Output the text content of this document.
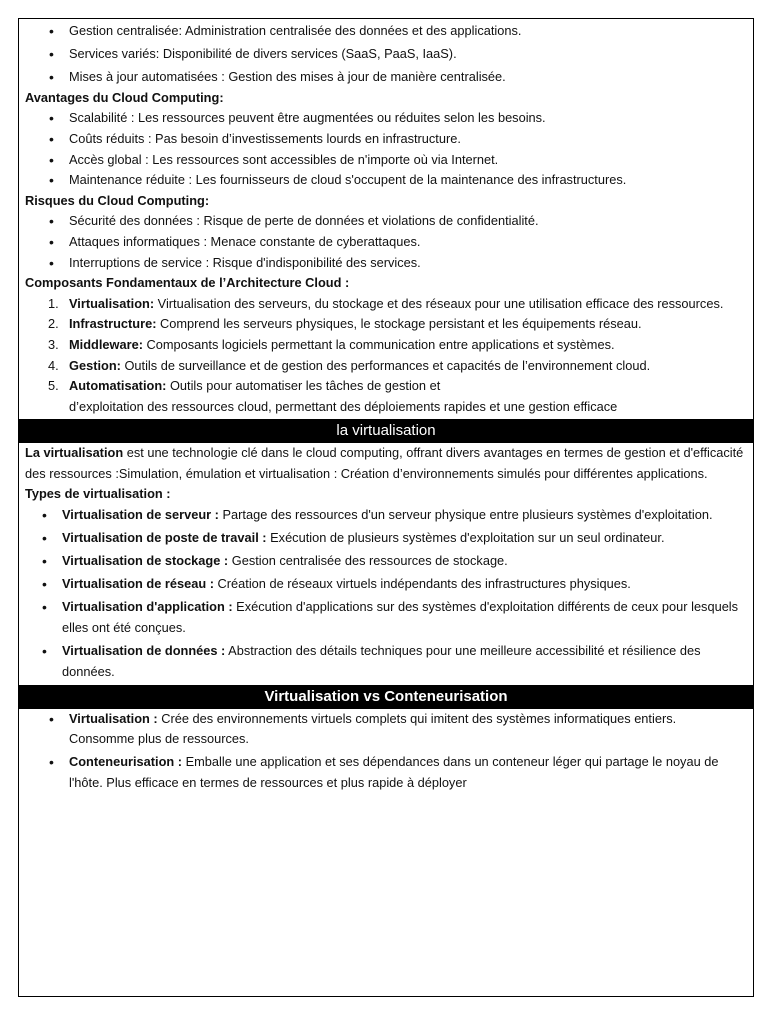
• Gestion centralisée: Administration centralisée des données et des applications.
• Services variés: Disponibilité de divers services (SaaS, PaaS, IaaS).
• Mises à jour automatisées : Gestion des mises à jour de manière centralisée.
Avantages du Cloud Computing:
• Scalabilité : Les ressources peuvent être augmentées ou réduites selon les besoins.
• Coûts réduits : Pas besoin d’investissements lourds en infrastructure.
• Accès global : Les ressources sont accessibles de n'importe où via Internet.
• Maintenance réduite : Les fournisseurs de cloud s'occupent de la maintenance des infrastructures.
Risques du Cloud Computing:
• Sécurité des données : Risque de perte de données et violations de confidentialité.
• Attaques informatiques : Menace constante de cyberattaques.
• Interruptions de service : Risque d'indisponibilité des services.
Composants Fondamentaux de l’Architecture Cloud :
1. Virtualisation: Virtualisation des serveurs, du stockage et des réseaux pour une utilisation efficace des ressources.
2. Infrastructure: Comprend les serveurs physiques, le stockage persistant et les équipements réseau.
3. Middleware: Composants logiciels permettant la communication entre applications et systèmes.
4. Gestion: Outils de surveillance et de gestion des performances et capacités de l’environnement cloud.
5. Automatisation: Outils pour automatiser les tâches de gestion et
d’exploitation des ressources cloud, permettant des déploiements rapides et une gestion efficace
la virtualisation

La virtualisation est une technologie clé dans le cloud computing, offrant divers avantages en termes de gestion et d'efficacité des ressources :Simulation, émulation et virtualisation : Création d’environnements simulés pour différentes applications.

Types de virtualisation :
• Virtualisation de serveur : Partage des ressources d'un serveur physique entre plusieurs systèmes d'exploitation.
• Virtualisation de poste de travail : Exécution de plusieurs systèmes d'exploitation sur un seul ordinateur.
• Virtualisation de stockage : Gestion centralisée des ressources de stockage.
• Virtualisation de réseau : Création de réseaux virtuels indépendants des infrastructures physiques.
• Virtualisation d'application : Exécution d'applications sur des systèmes d'exploitation différents de ceux pour lesquels elles ont été conçues.
• Virtualisation de données : Abstraction des détails techniques pour une meilleure accessibilité et résilience des données.
Virtualisation vs Conteneurisation
• Virtualisation : Crée des environnements virtuels complets qui imitent des systèmes informatiques entiers. Consomme plus de ressources.
• Conteneurisation : Emballe une application et ses dépendances dans un conteneur léger qui partage le noyau de l'hôte. Plus efficace en termes de ressources et plus rapide à déployer
